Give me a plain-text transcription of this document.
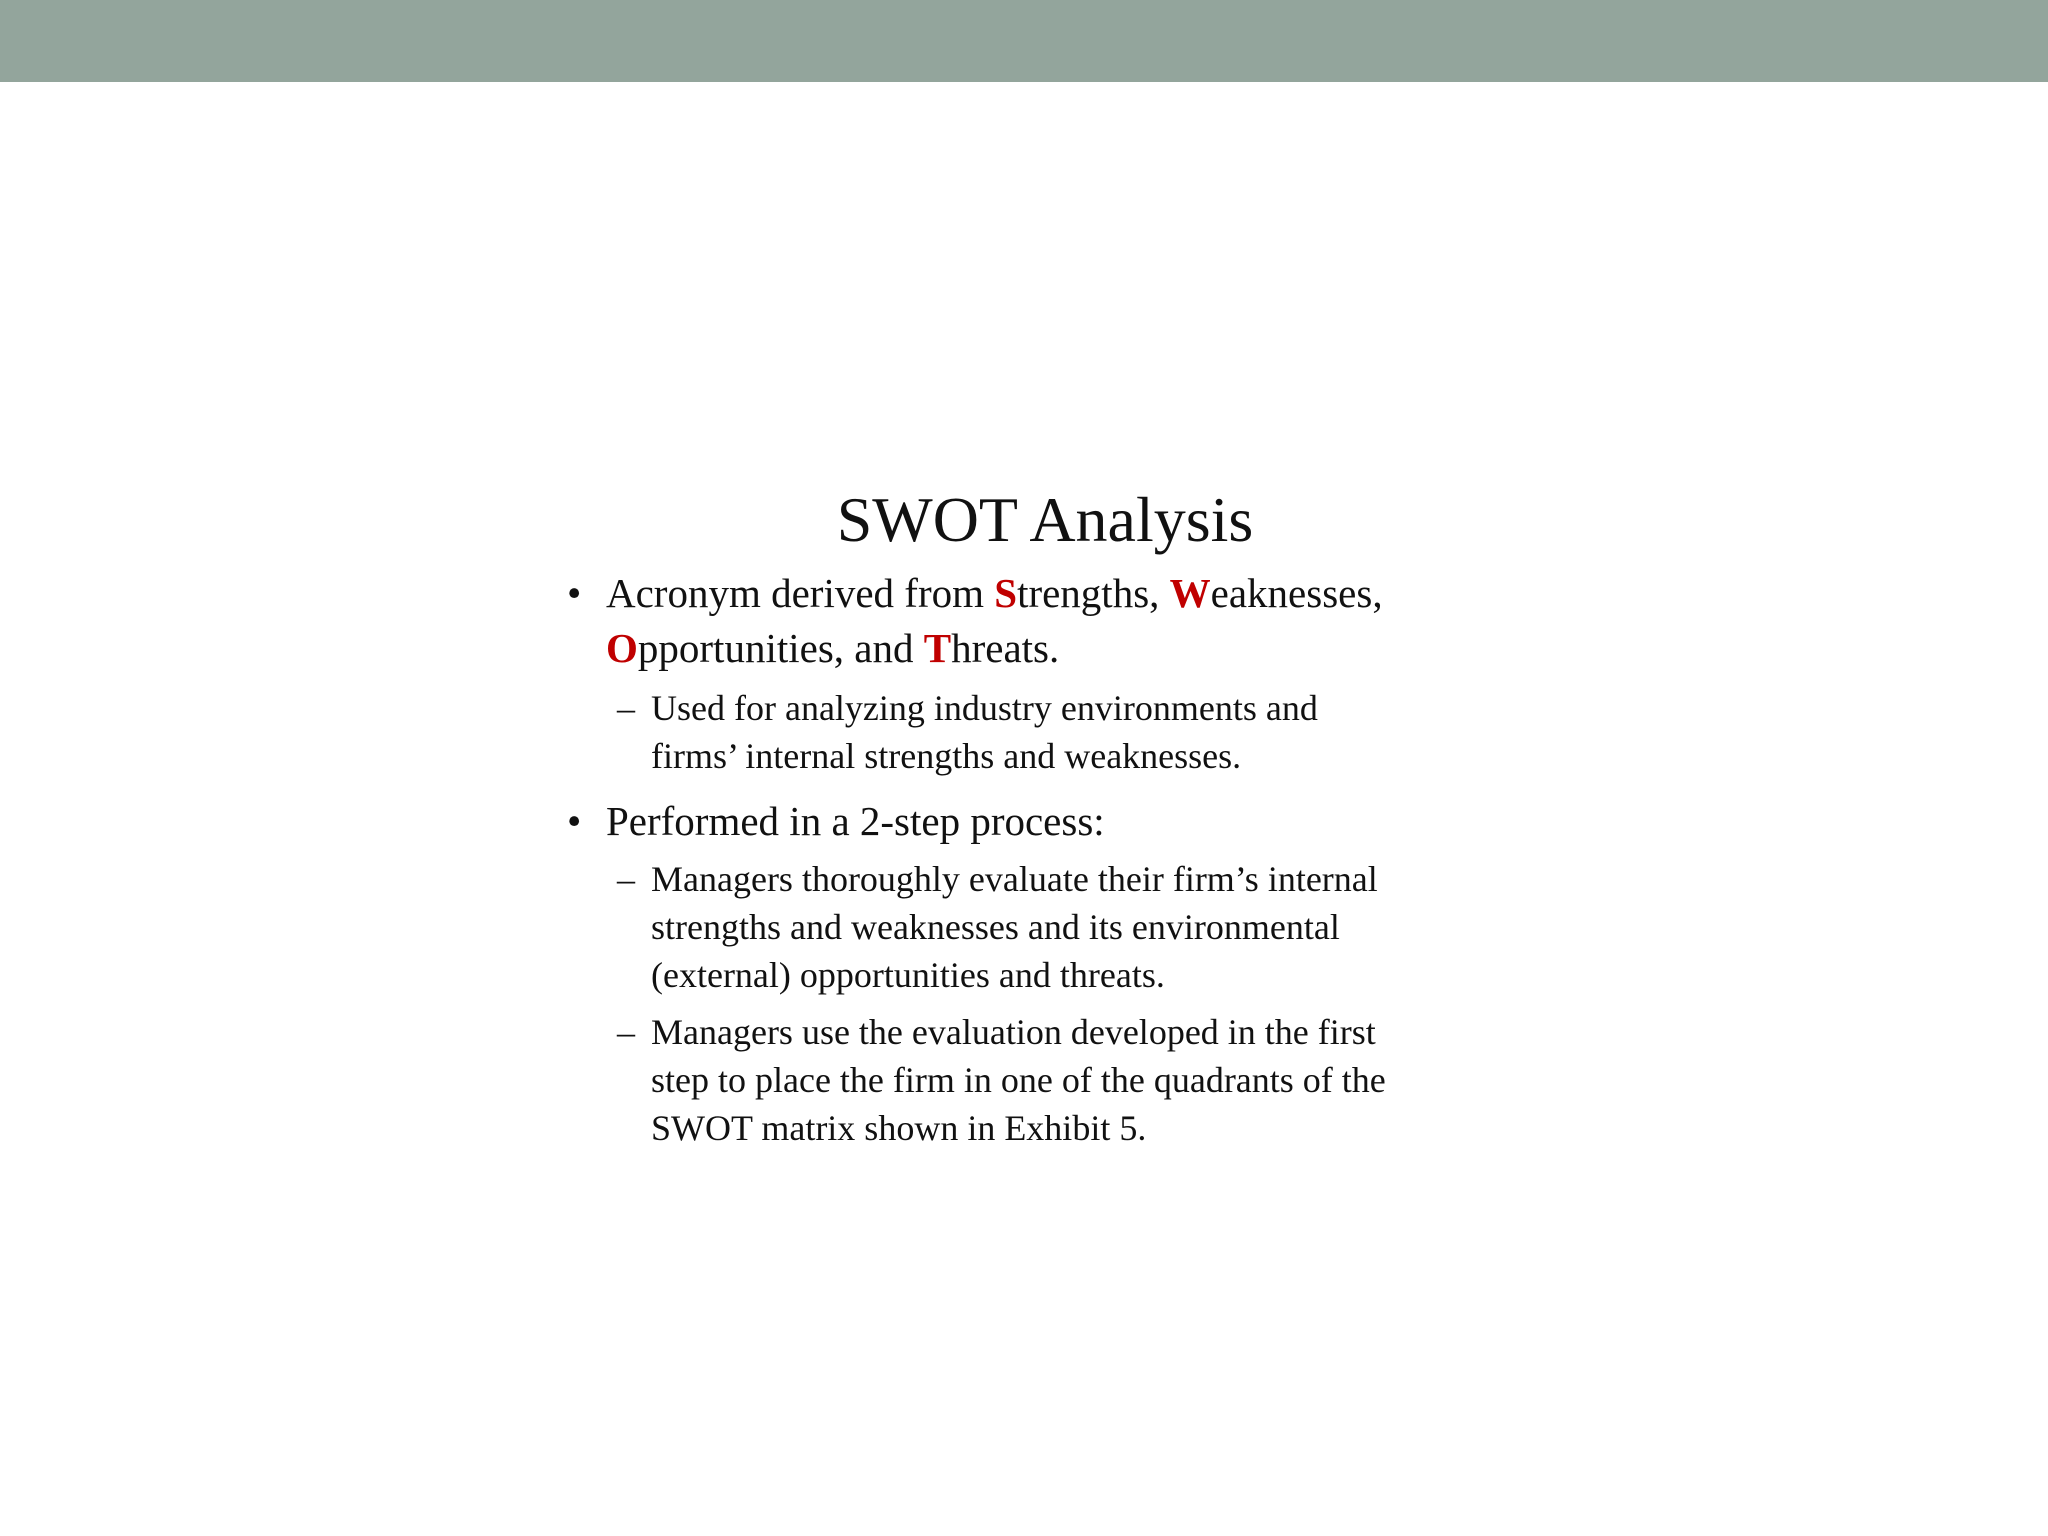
SWOT Analysis
• Acronym derived from Strengths, Weaknesses,
Opportunities, and Threats.
– Used for analyzing industry environments and
firms’ internal strengths and weaknesses.
• Performed in a 2-step process:
– Managers thoroughly evaluate their firm’s internal
strengths and weaknesses and its environmental
(external) opportunities and threats.
– Managers use the evaluation developed in the first
step to place the firm in one of the quadrants of the
SWOT matrix shown in Exhibit 5.
